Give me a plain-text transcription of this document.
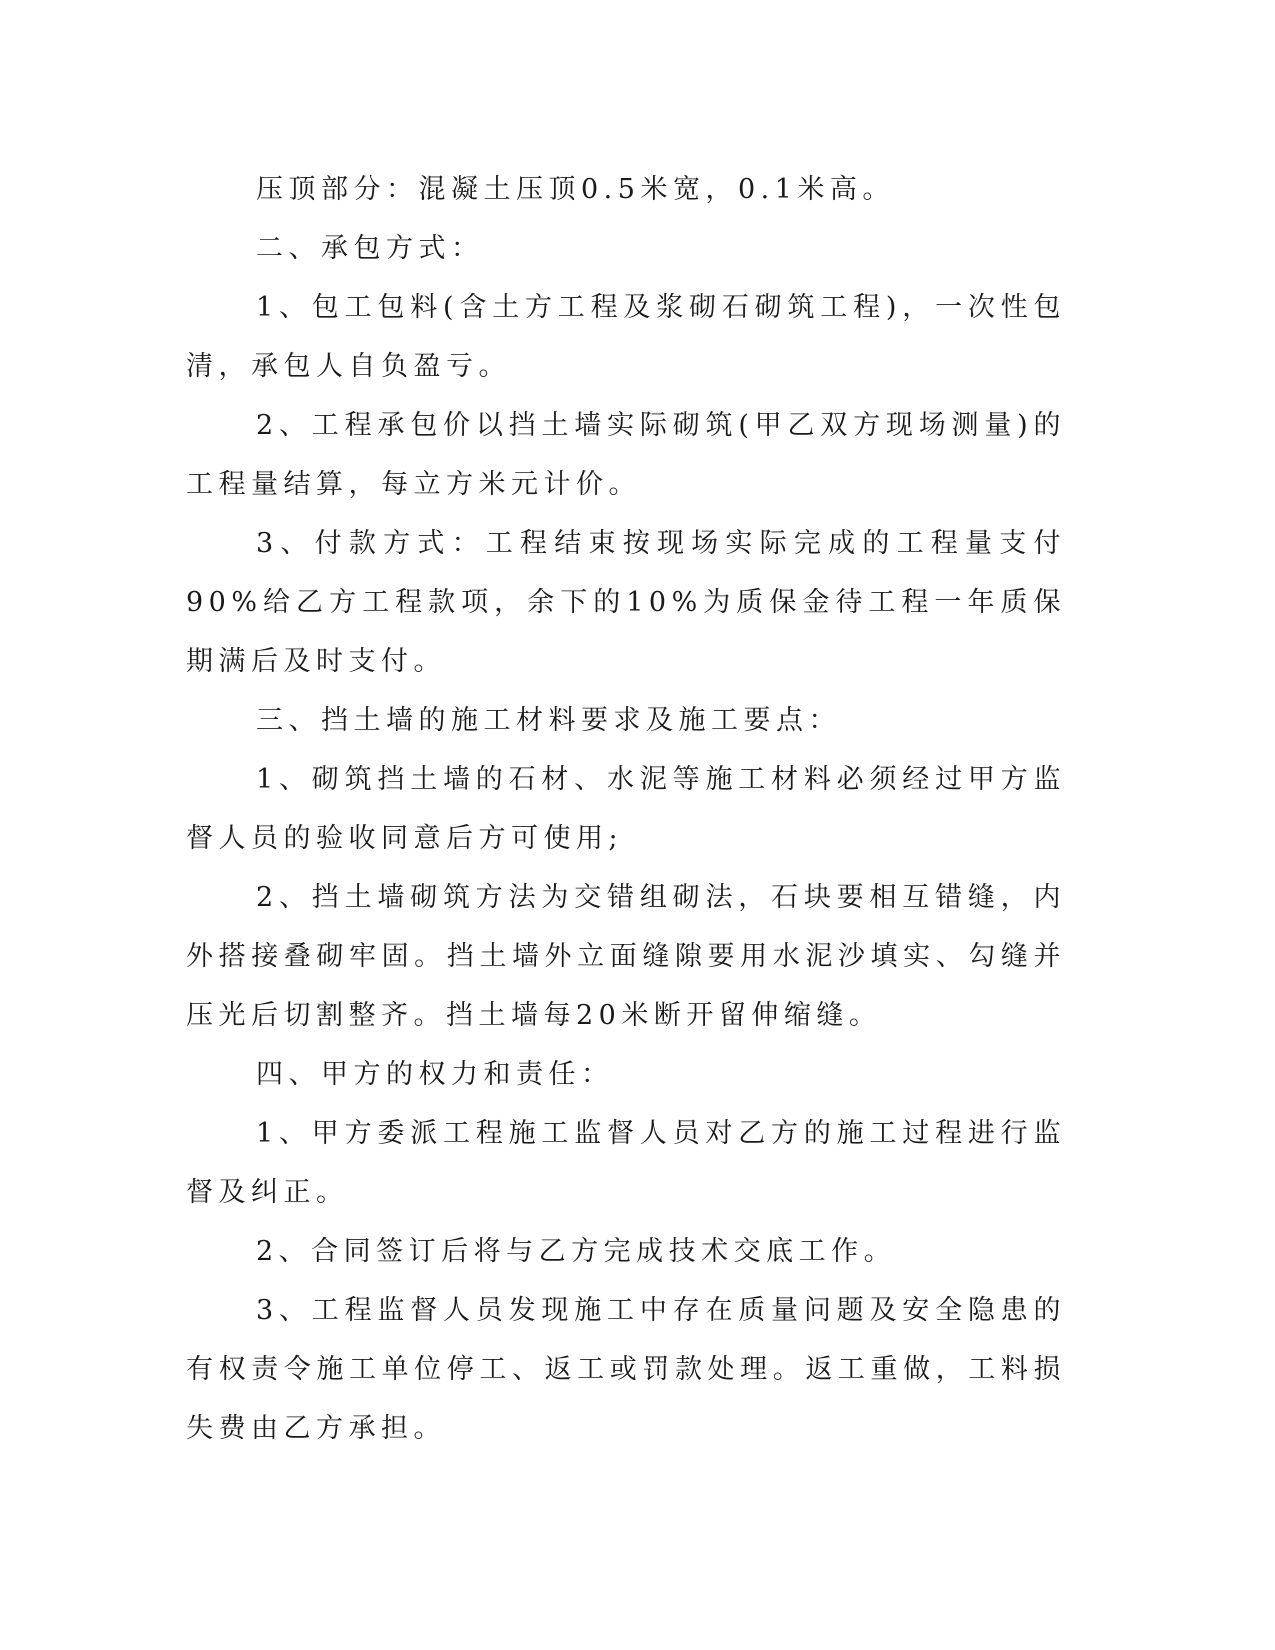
压顶部分：混凝土压顶0.5米宽，0.1米高。

二、承包方式：

1、包工包料(含土方工程及浆砌石砌筑工程)，一次性包清，承包人自负盈亏。

2、工程承包价以挡土墙实际砌筑(甲乙双方现场测量)的工程量结算，每立方米元计价。

3、付款方式：工程结束按现场实际完成的工程量支付90%给乙方工程款项，余下的10%为质保金待工程一年质保期满后及时支付。

三、挡土墙的施工材料要求及施工要点：

1、砌筑挡土墙的石材、水泥等施工材料必须经过甲方监督人员的验收同意后方可使用;

2、挡土墙砌筑方法为交错组砌法，石块要相互错缝，内外搭接叠砌牢固。挡土墙外立面缝隙要用水泥沙填实、勾缝并压光后切割整齐。挡土墙每20米断开留伸缩缝。

四、甲方的权力和责任：

1、甲方委派工程施工监督人员对乙方的施工过程进行监督及纠正。

2、合同签订后将与乙方完成技术交底工作。

3、工程监督人员发现施工中存在质量问题及安全隐患的有权责令施工单位停工、返工或罚款处理。返工重做，工料损失费由乙方承担。
